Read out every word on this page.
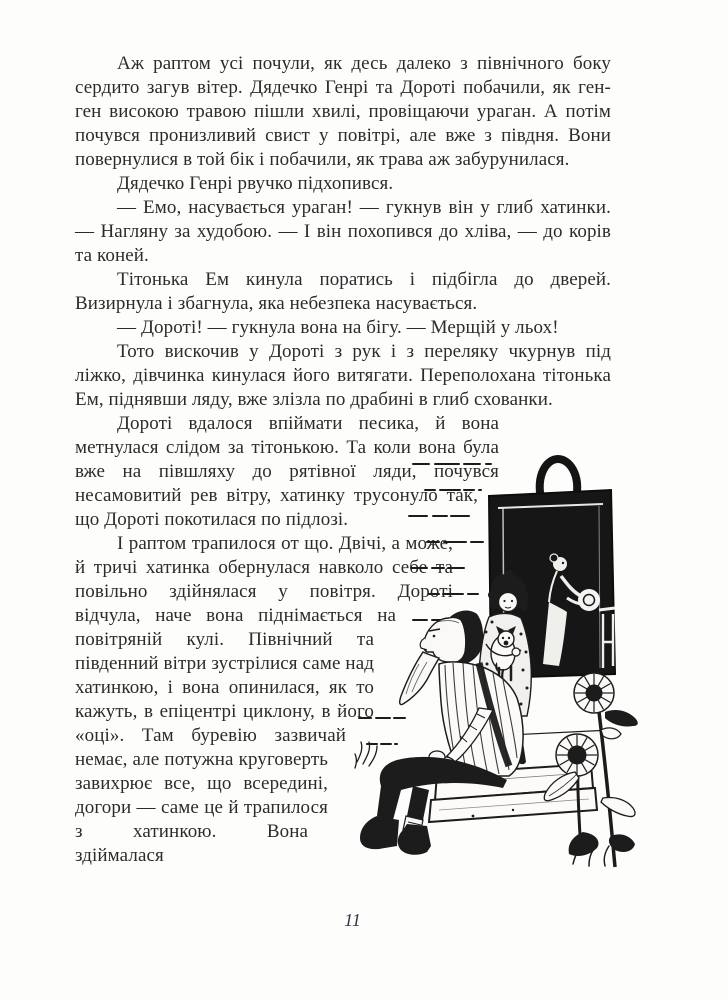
Аж раптом усі почули, як десь далеко з північного боку сердито загув вітер. Дядечко Генрі та Дороті побачили, як ген-ген високою травою пішли хвилі, провіщаючи ураган. А потім почувся пронизливий свист у повітрі, але вже з півдня. Вони повернулися в той бік і побачили, як трава аж забурунилася.

Дядечко Генрі рвучко підхопився.

— Емо, насувається ураган! — гукнув він у глиб хатинки. — Нагляну за худобою. — І він похопився до хліва, — до корів та коней.

Тітонька Ем кинула поратись і підбігла до дверей. Визирнула і збагнула, яка небезпека насувається.

— Дороті! — гукнула вона на бігу. — Мерщій у льох!

Тото вискочив у Дороті з рук і з переляку чкурнув під ліжко, дівчинка кинулася його витягати. Переполохана тітонька Ем, піднявши ляду, вже злізла по драбині в глиб схованки.

Дороті вдалося впіймати песика, й вона метнулася слідом за тітонькою. Та коли вона була вже на півшляху до рятівної ляди, почувся несамовитий рев вітру, хатинку трусонуло так, що Дороті покотилася по підлозі.

І раптом трапилося от що. Двічі, а може, й тричі хатинка обернулася навколо себе та повільно здійнялася у повітря. Дороті відчула, наче вона піднімається на повітряній кулі. Північний та південний вітри зустрілися саме над хатинкою, і вона опинилася, як то кажуть, в епіцентрі циклону, в його «оці». Там буревію зазвичай немає, але потужна круговерть завихрює все, що всередині, догори — саме це й трапилося з хатинкою. Вона здіймалася

11
